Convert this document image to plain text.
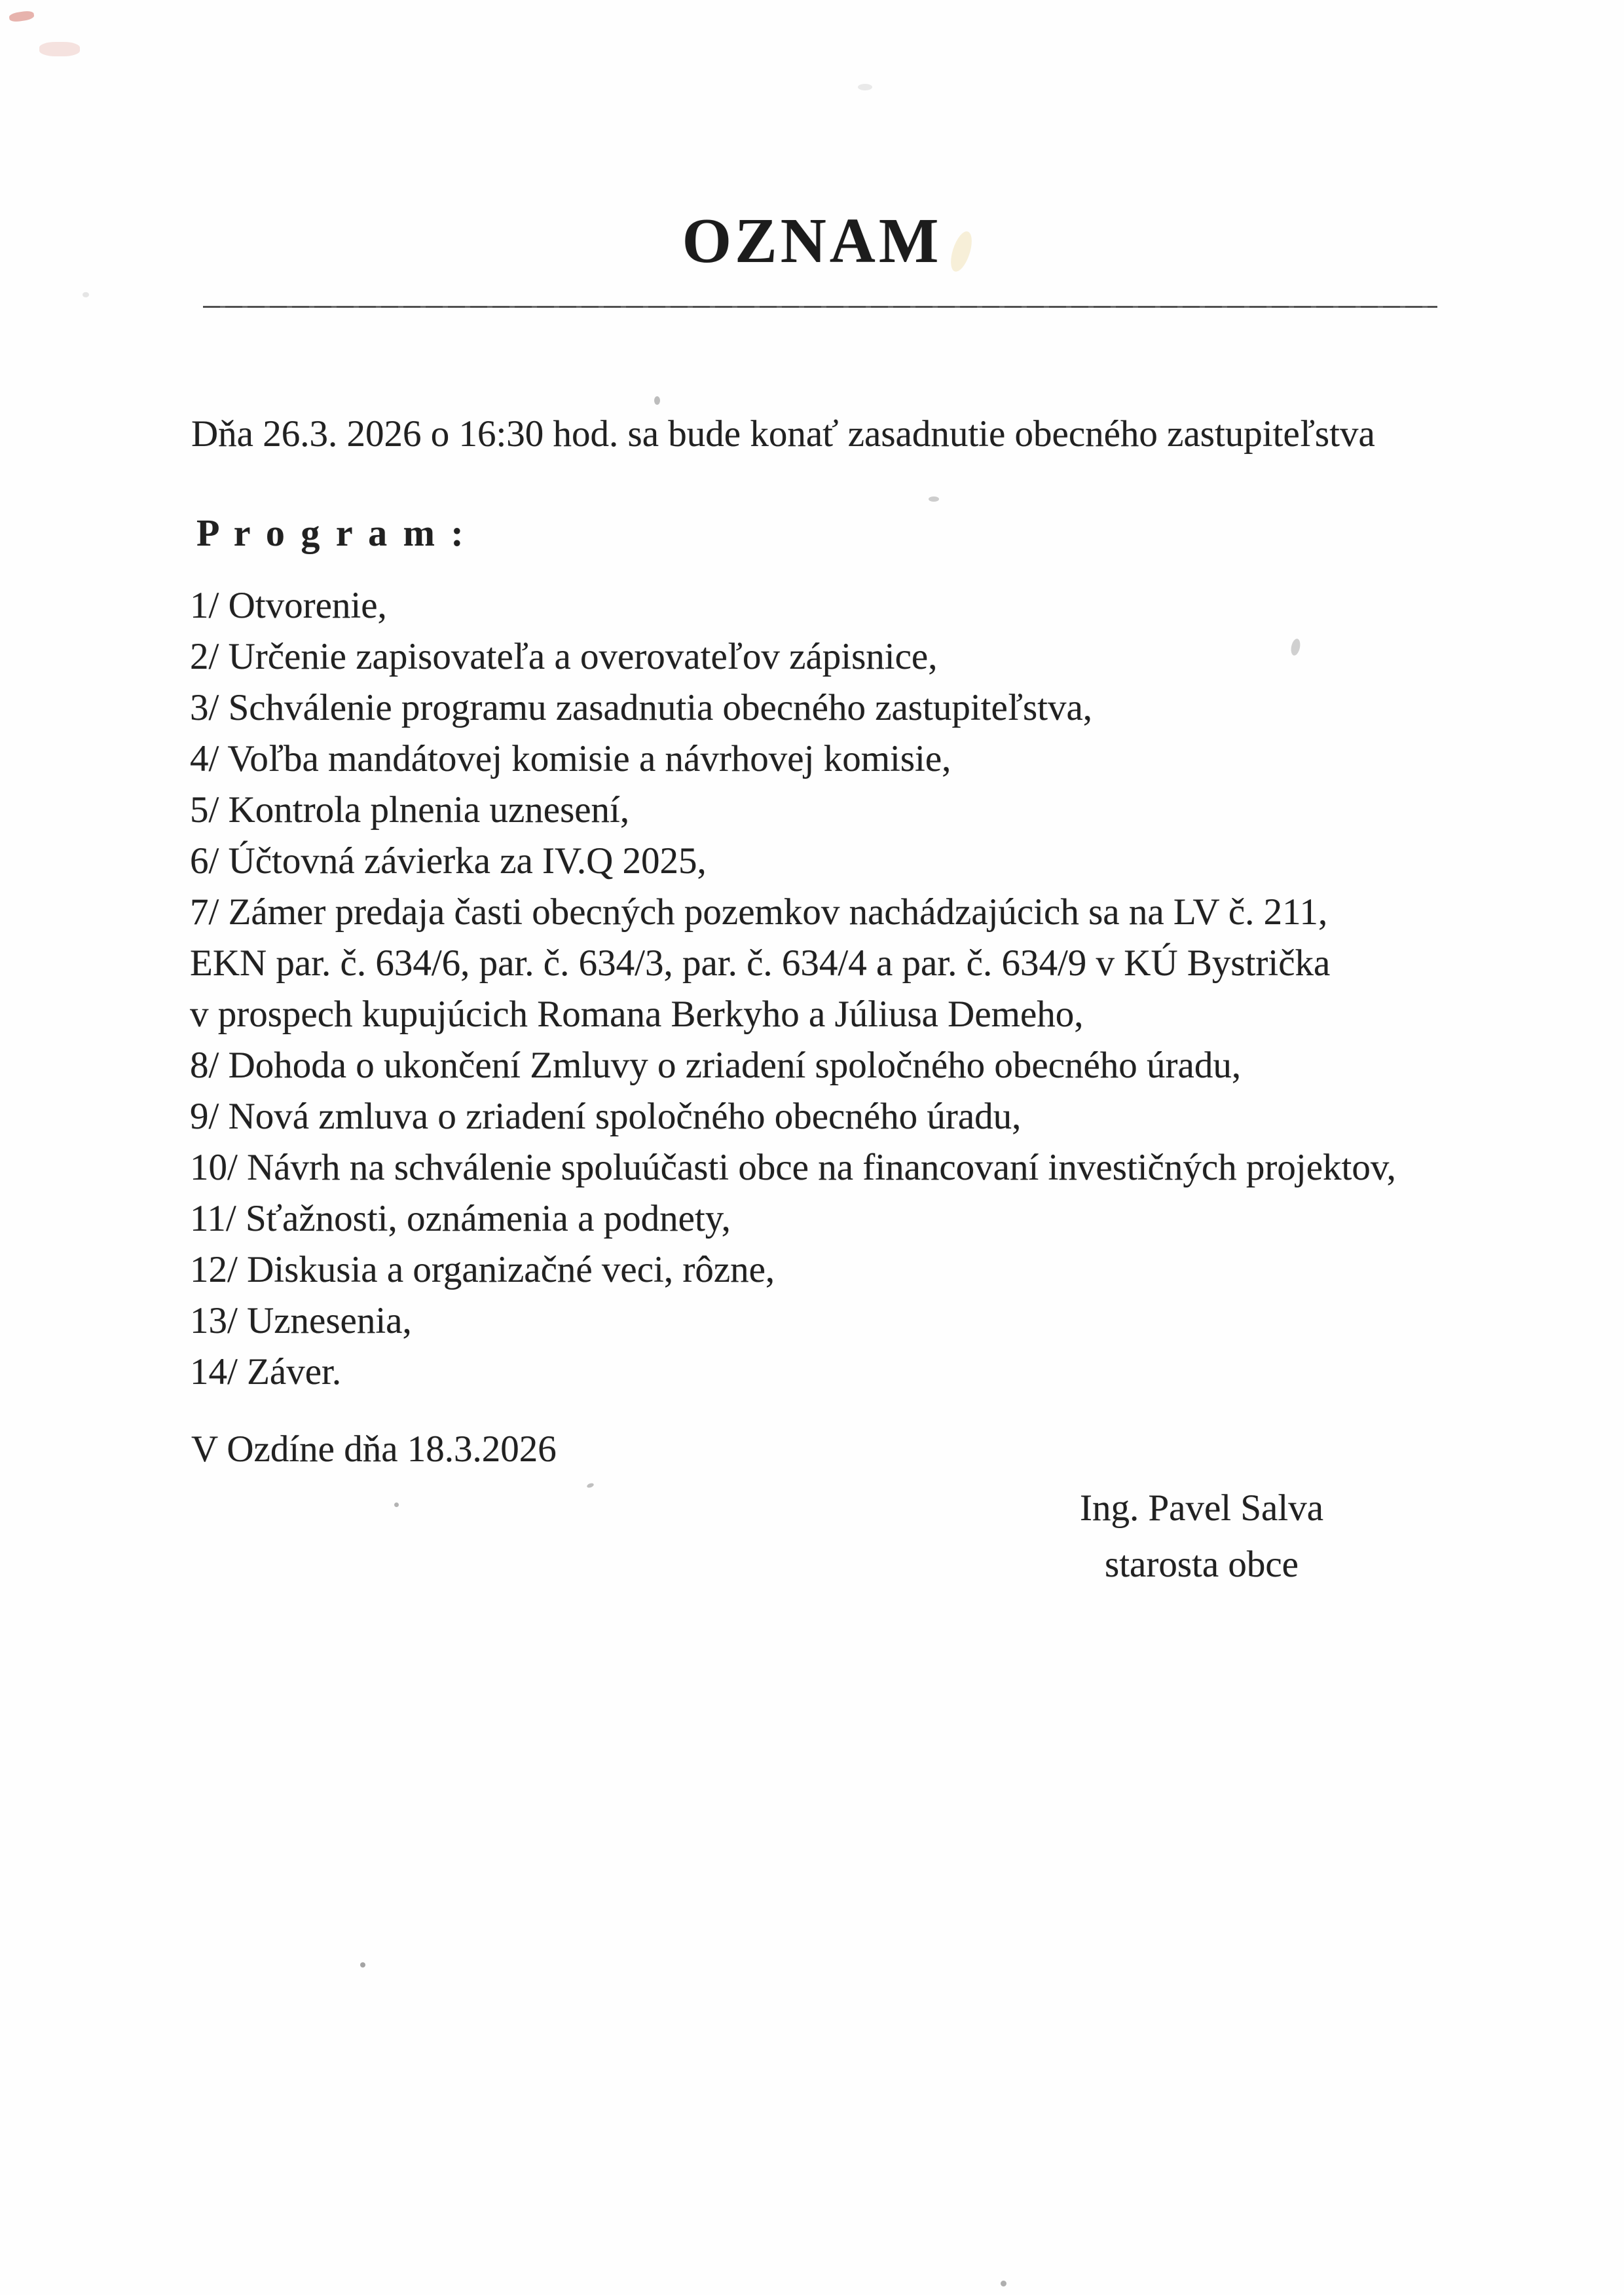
OZNAM
Dňa 26.3. 2026 o 16:30 hod. sa bude konať zasadnutie obecného zastupiteľstva
P r o g r a m :
1/ Otvorenie,
2/ Určenie zapisovateľa a overovateľov zápisnice,
3/ Schválenie programu zasadnutia obecného zastupiteľstva,
4/ Voľba mandátovej komisie a návrhovej komisie,
5/ Kontrola plnenia uznesení,
6/ Účtovná závierka za IV.Q 2025,
7/ Zámer predaja časti obecných pozemkov nachádzajúcich sa na LV č. 211,
EKN par. č. 634/6, par. č. 634/3, par. č. 634/4 a par. č. 634/9 v KÚ Bystrička
v prospech kupujúcich Romana Berkyho a Júliusa Demeho,
8/ Dohoda o ukončení Zmluvy o zriadení spoločného obecného úradu,
9/ Nová zmluva o zriadení spoločného obecného úradu,
10/ Návrh na schválenie spoluúčasti obce na financovaní investičných projektov,
11/ Sťažnosti, oznámenia a podnety,
12/ Diskusia a organizačné veci, rôzne,
13/ Uznesenia,
14/ Záver.
V Ozdíne dňa 18.3.2026
Ing. Pavel Salva
starosta obce
